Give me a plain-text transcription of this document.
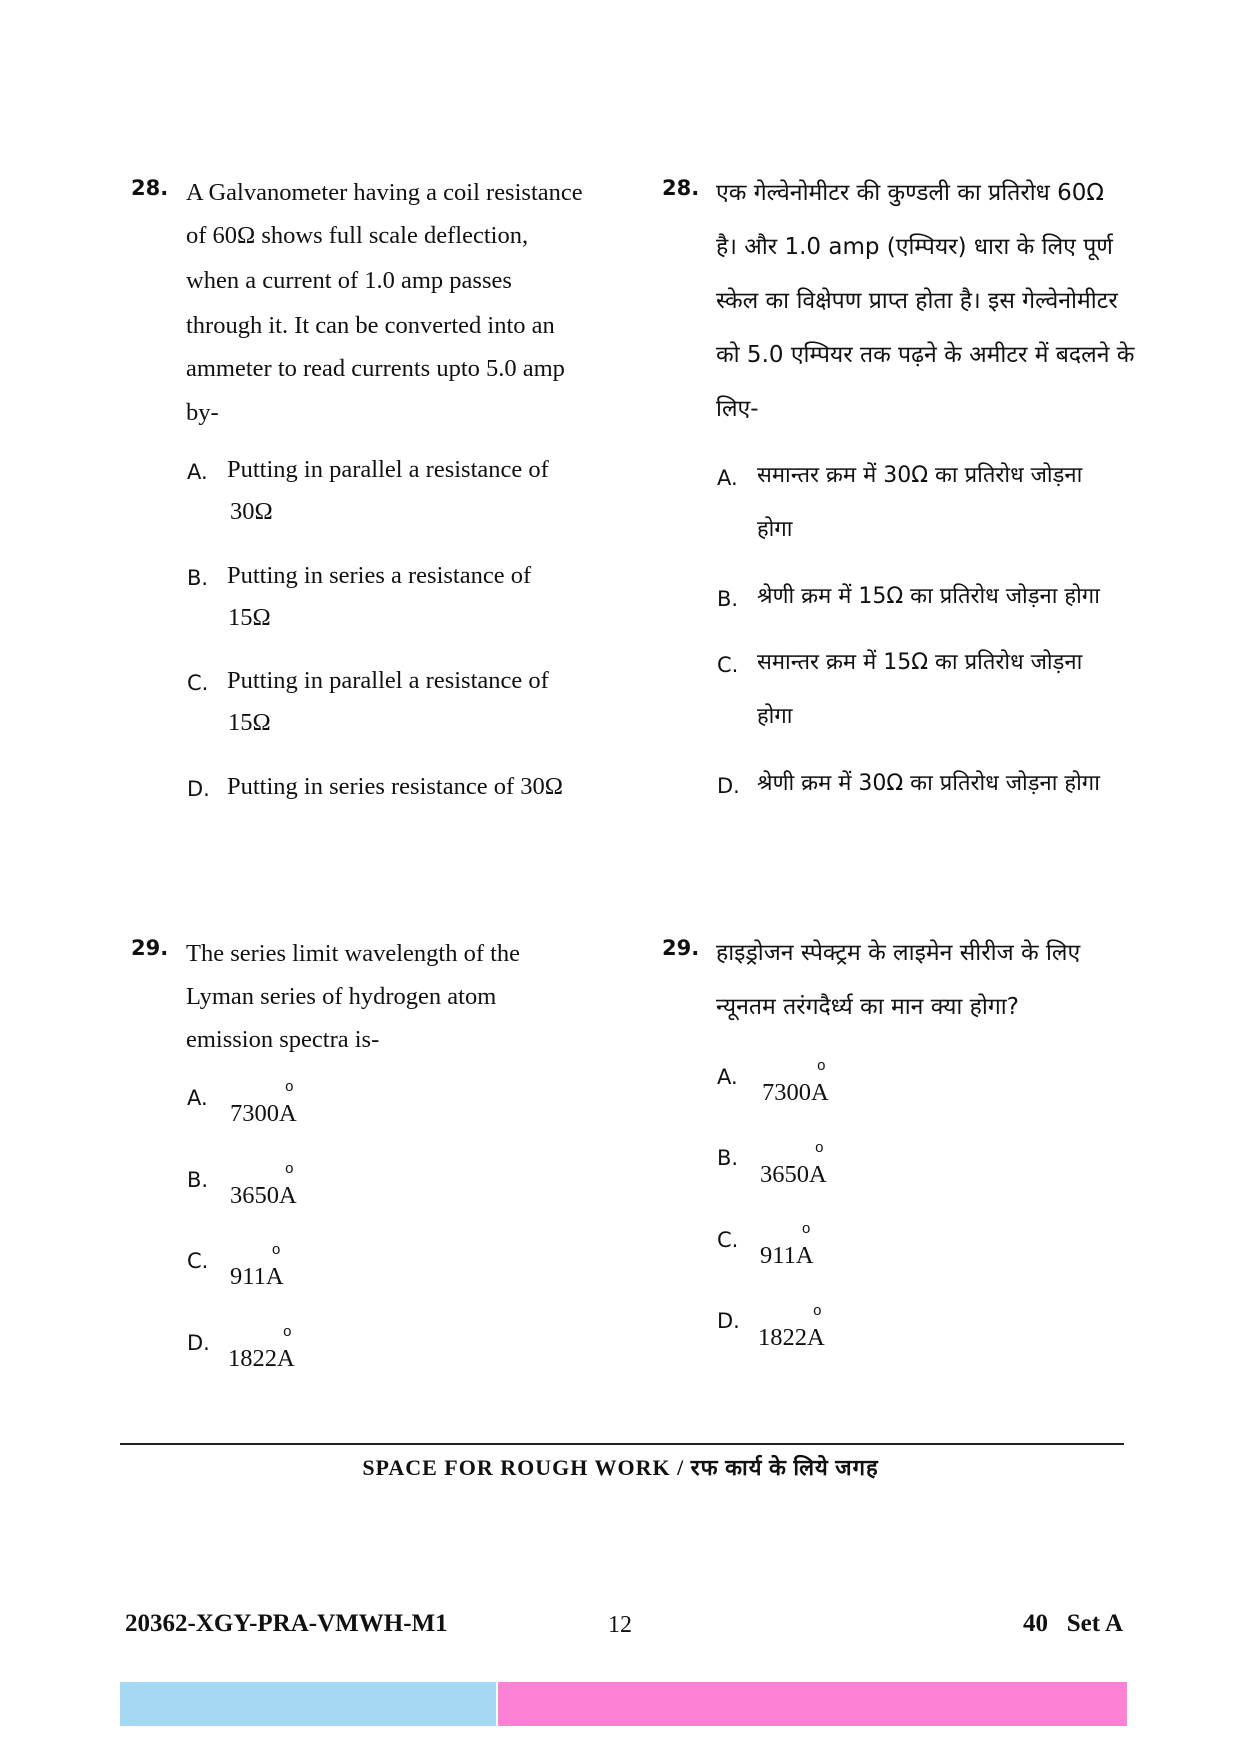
28. A Galvanometer having a coil resistance
of 60Ω shows full scale deflection,
when a current of 1.0 amp passes
through it. It can be converted into an
ammeter to read currents upto 5.0 amp
by-
A. Putting in parallel a resistance of
30Ω
B. Putting in series a resistance of
15Ω
C. Putting in parallel a resistance of
15Ω
D. Putting in series resistance of 30Ω
28. एक गेल्वेनोमीटर की कुण्डली का प्रतिरोध 60Ω
है। और 1.0 amp (एम्पियर) धारा के लिए पूर्ण
स्केल का विक्षेपण प्राप्त होता है। इस गेल्वेनोमीटर
को 5.0 एम्पियर तक पढ़ने के अमीटर में बदलने के
लिए-
A. समान्तर क्रम में 30Ω का प्रतिरोध जोड़ना
होगा
B. श्रेणी क्रम में 15Ω का प्रतिरोध जोड़ना होगा
C. समान्तर क्रम में 15Ω का प्रतिरोध जोड़ना
होगा
D. श्रेणी क्रम में 30Ω का प्रतिरोध जोड़ना होगा
29. The series limit wavelength of the
Lyman series of hydrogen atom
emission spectra is-
A.
7300
o
A
B.
3650
o
A
C.
911
o
A
D.
1822
o
A
29. हाइड्रोजन स्पेक्ट्रम के लाइमेन सीरीज के लिए
न्यूनतम तरंगदैर्ध्य का मान क्या होगा?
A.
7300
o
A
B.
3650
o
A
C.
911
o
A
D.
1822
o
A
SPACE FOR ROUGH WORK / रफ कार्य के लिये जगह
20362-XGY-PRA-VMWH-M1	12	40   Set A
